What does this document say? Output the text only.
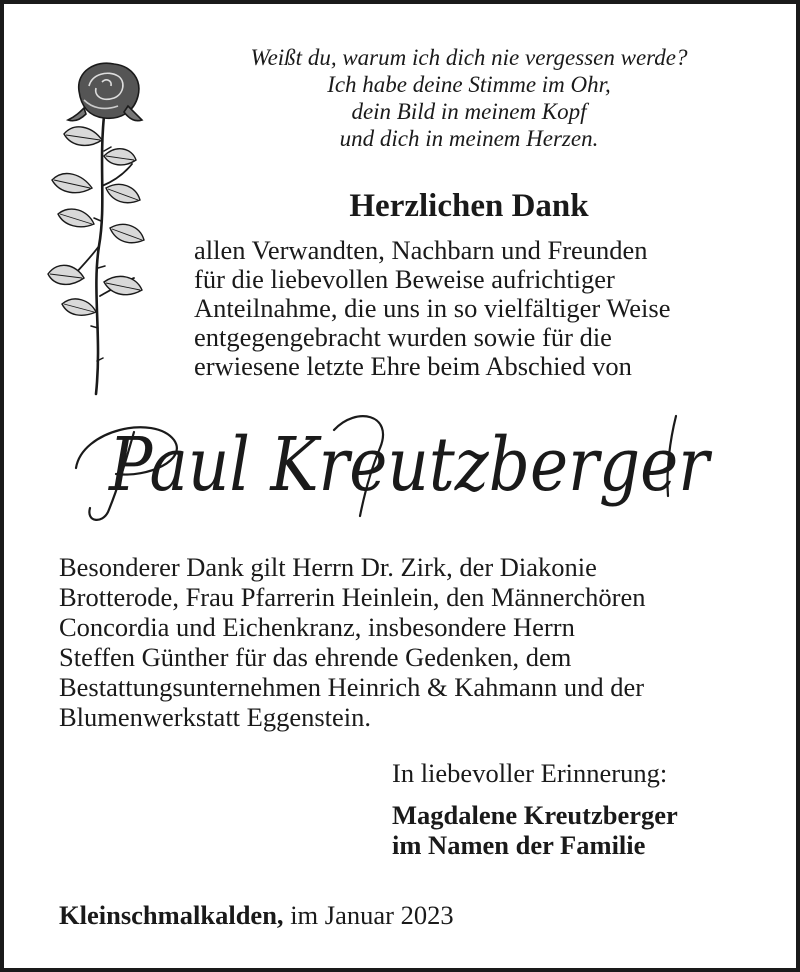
Weißt du, warum ich dich nie vergessen werde?
Ich habe deine Stimme im Ohr,
dein Bild in meinem Kopf
und dich in meinem Herzen.
Herzlichen Dank
allen Verwandten, Nachbarn und Freunden
für die liebevollen Beweise aufrichtiger
Anteilnahme, die uns in so vielfältiger Weise
entgegengebracht wurden sowie für die
erwiesene letzte Ehre beim Abschied von
Paul Kreutzberger
Besonderer Dank gilt Herrn Dr. Zirk, der Diakonie
Brotterode, Frau Pfarrerin Heinlein, den Männerchören
Concordia und Eichenkranz, insbesondere Herrn
Steffen Günther für das ehrende Gedenken, dem
Bestattungsunternehmen Heinrich & Kahmann und der
Blumenwerkstatt Eggenstein.
In liebevoller Erinnerung:
Magdalene Kreutzberger
im Namen der Familie
Kleinschmalkalden, im Januar 2023
